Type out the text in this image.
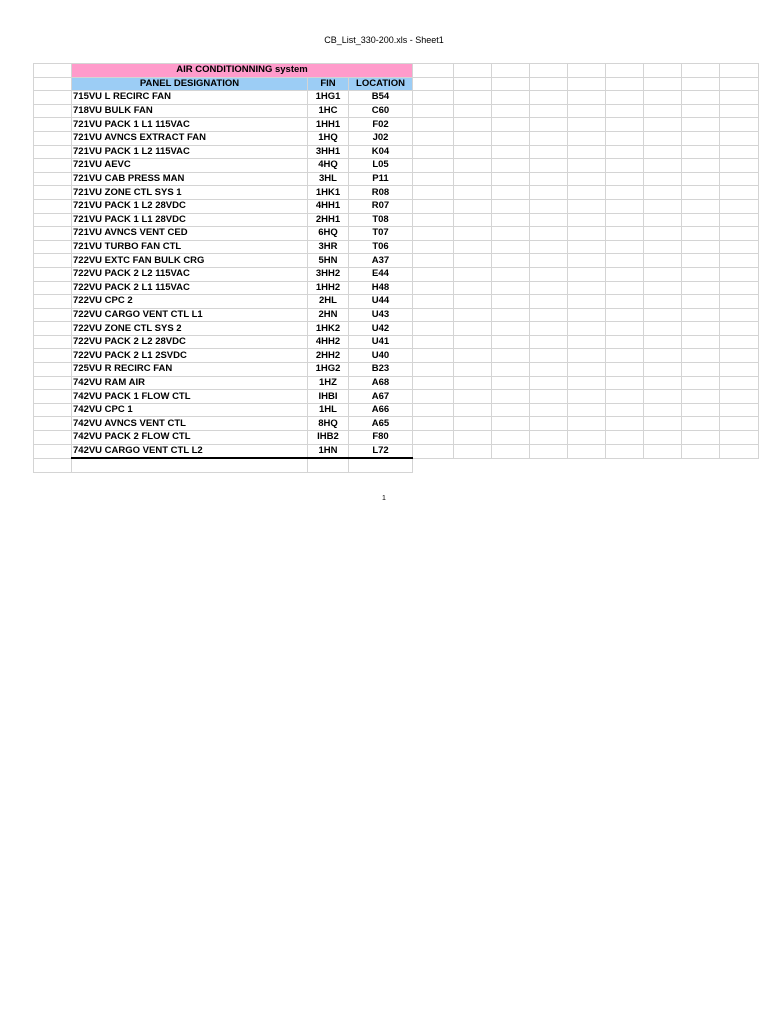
CB_List_330-200.xls - Sheet1
	AIR CONDITIONNING system											
	PANEL DESIGNATION	FIN	LOCATION									
	715VU L RECIRC FAN	1HG1	B54									
	718VU BULK FAN	1HC	C60									
	721VU PACK 1 L1 115VAC	1HH1	F02									
	721VU AVNCS EXTRACT FAN	1HQ	J02									
	721VU PACK 1 L2 115VAC	3HH1	K04									
	721VU AEVC	4HQ	L05									
	721VU CAB PRESS MAN	3HL	P11									
	721VU ZONE CTL SYS 1	1HK1	R08									
	721VU PACK 1 L2 28VDC	4HH1	R07									
	721VU PACK 1 L1 28VDC	2HH1	T08									
	721VU AVNCS VENT CED	6HQ	T07									
	721VU TURBO FAN CTL	3HR	T06									
	722VU EXTC FAN BULK CRG	5HN	A37									
	722VU PACK 2 L2 115VAC	3HH2	E44									
	722VU PACK 2 L1 115VAC	1HH2	H48									
	722VU CPC 2	2HL	U44									
	722VU CARGO VENT CTL L1	2HN	U43									
	722VU ZONE CTL SYS 2	1HK2	U42									
	722VU PACK 2 L2 28VDC	4HH2	U41									
	722VU PACK 2 L1 2SVDC	2HH2	U40									
	725VU R RECIRC FAN	1HG2	B23									
	742VU RAM AIR	1HZ	A68									
	742VU PACK 1 FLOW CTL	IHBI	A67									
	742VU CPC 1	1HL	A66									
	742VU AVNCS VENT CTL	8HQ	A65									
	742VU PACK 2 FLOW CTL	IHB2	F80									
	742VU CARGO VENT CTL L2	1HN	L72									

1
